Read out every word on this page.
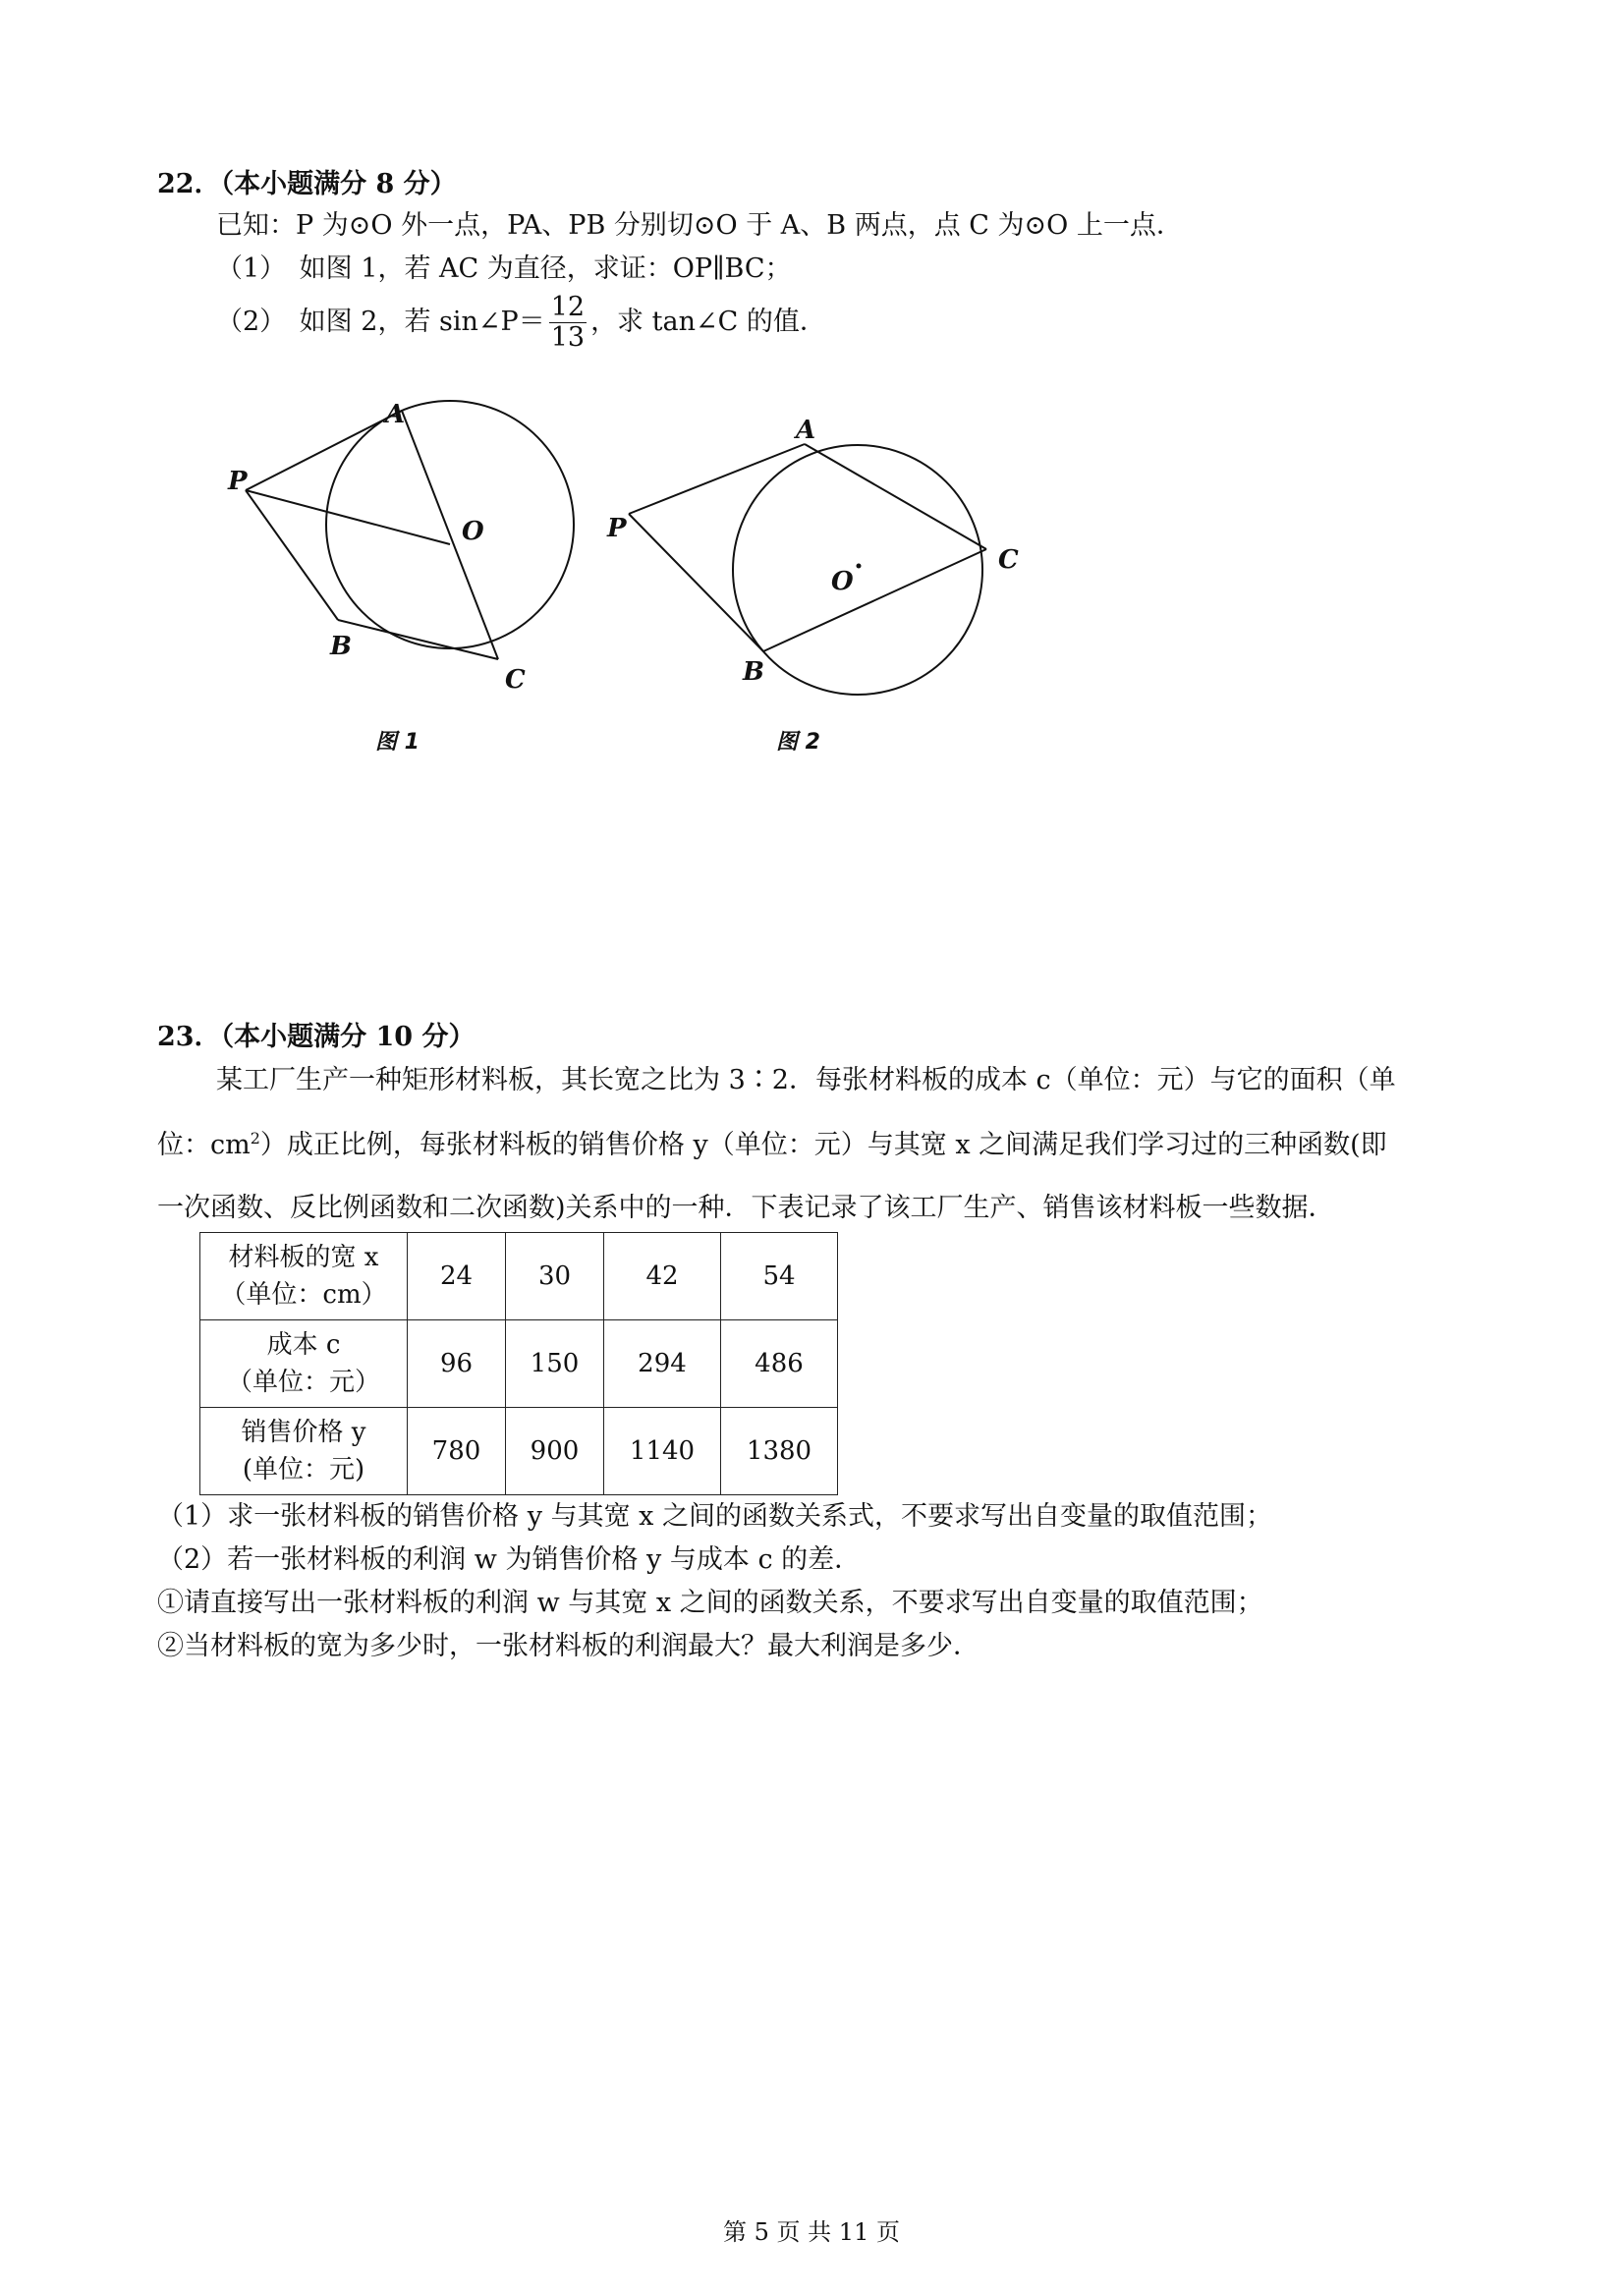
22．（本小题满分 8 分）
已知：P 为⊙O 外一点，PA、PB 分别切⊙O 于 A、B 两点，点 C 为⊙O 上一点．
（1）　如图 1，若 AC 为直径，求证：OP∥BC；
（2）　如图 2，若 sin∠P＝ $\frac{12}{13}$ ，求 tan∠C 的值．
A
P
O
B
C
图 1
A
P
O
C
B
图 2
23．（本小题满分 10 分）
某工厂生产一种矩形材料板，其长宽之比为 3∶2．每张材料板的成本 c（单位：元）与它的面积（单
位：$cm^2$）成正比例，每张材料板的销售价格 y（单位：元）与其宽 x 之间满足我们学习过的三种函数(即
一次函数、反比例函数和二次函数)关系中的一种．下表记录了该工厂生产、销售该材料板一些数据．
材料板的宽 x
（单位：cm）	24	30	42	54

成本 c
（单位：元）	96	150	294	486

销售价格 y
(单位：元)	780	900	1140	1380
（1）求一张材料板的销售价格 y 与其宽 x 之间的函数关系式，不要求写出自变量的取值范围；
（2）若一张材料板的利润 w 为销售价格 y 与成本 c 的差．
①请直接写出一张材料板的利润 w 与其宽 x 之间的函数关系，不要求写出自变量的取值范围；
②当材料板的宽为多少时，一张材料板的利润最大？最大利润是多少．
第 5 页 共 11 页
